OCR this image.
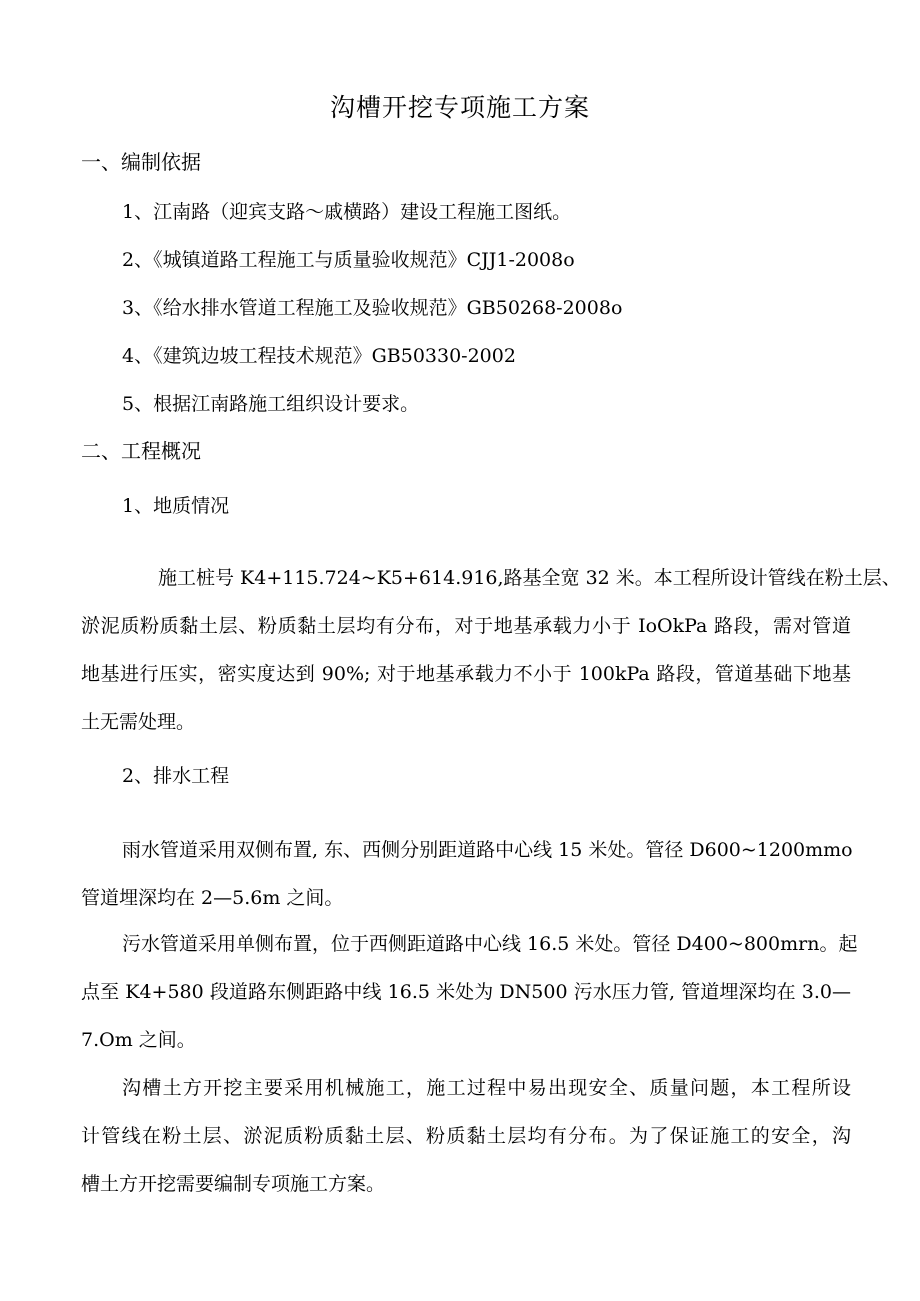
沟槽开挖专项施工方案
一、编制依据
1、江南路（迎宾支路～戚横路）建设工程施工图纸。
2、《城镇道路工程施工与质量验收规范》CJJ1-2008o
3、《给水排水管道工程施工及验收规范》GB50268-2008o
4、《建筑边坡工程技术规范》GB50330-2002
5、根据江南路施工组织设计要求。
二、工程概况
1、地质情况
施工桩号 K4+115.724~K5+614.916,路基全宽 32 米。本工程所设计管线在粉土层、
淤泥质粉质黏土层、粉质黏土层均有分布，对于地基承载力小于 IoOkPa 路段，需对管道
地基进行压实，密实度达到 90%; 对于地基承载力不小于 100kPa 路段，管道基础下地基
土无需处理。
2、排水工程
雨水管道采用双侧布置, 东、西侧分别距道路中心线 15 米处。管径 D600~1200mmo
管道埋深均在 2—5.6m 之间。
污水管道采用单侧布置，位于西侧距道路中心线 16.5 米处。管径 D400~800mrn。起
点至 K4+580 段道路东侧距路中线 16.5 米处为 DN500 污水压力管, 管道埋深均在 3.0—
7.Om 之间。
沟槽土方开挖主要采用机械施工，施工过程中易出现安全、质量问题，本工程所设
计管线在粉土层、淤泥质粉质黏土层、粉质黏土层均有分布。为了保证施工的安全，沟
槽土方开挖需要编制专项施工方案。
